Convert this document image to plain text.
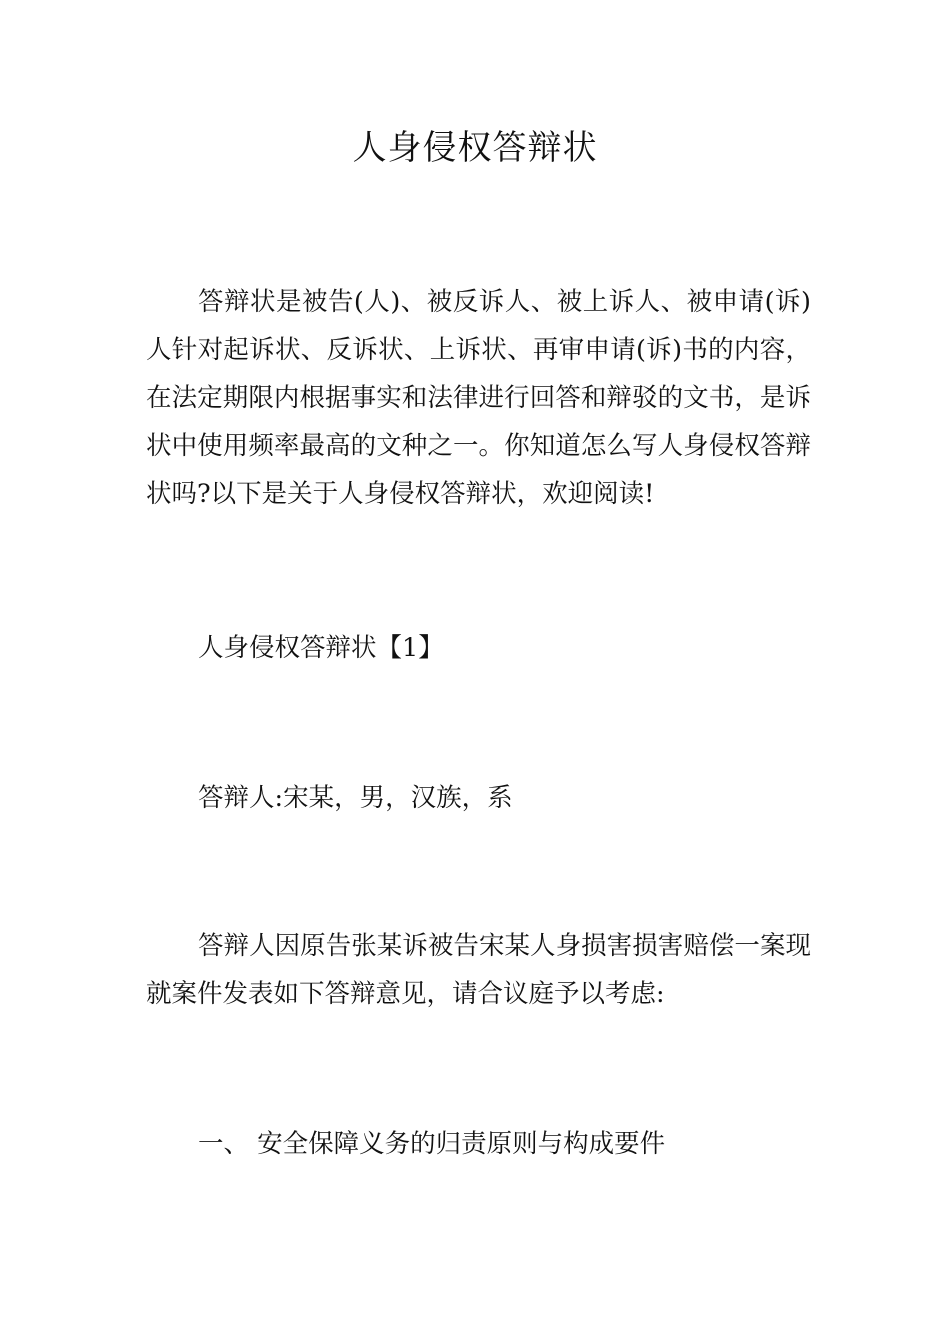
人身侵权答辩状

答辩状是被告(人)、被反诉人、被上诉人、被申请(诉)人针对起诉状、反诉状、上诉状、再审申请(诉)书的内容，在法定期限内根据事实和法律进行回答和辩驳的文书，是诉状中使用频率最高的文种之一。你知道怎么写人身侵权答辩状吗?以下是关于人身侵权答辩状，欢迎阅读!

人身侵权答辩状【1】

答辩人:宋某，男，汉族，系

答辩人因原告张某诉被告宋某人身损害损害赔偿一案现就案件发表如下答辩意见，请合议庭予以考虑:

一、 安全保障义务的归责原则与构成要件
